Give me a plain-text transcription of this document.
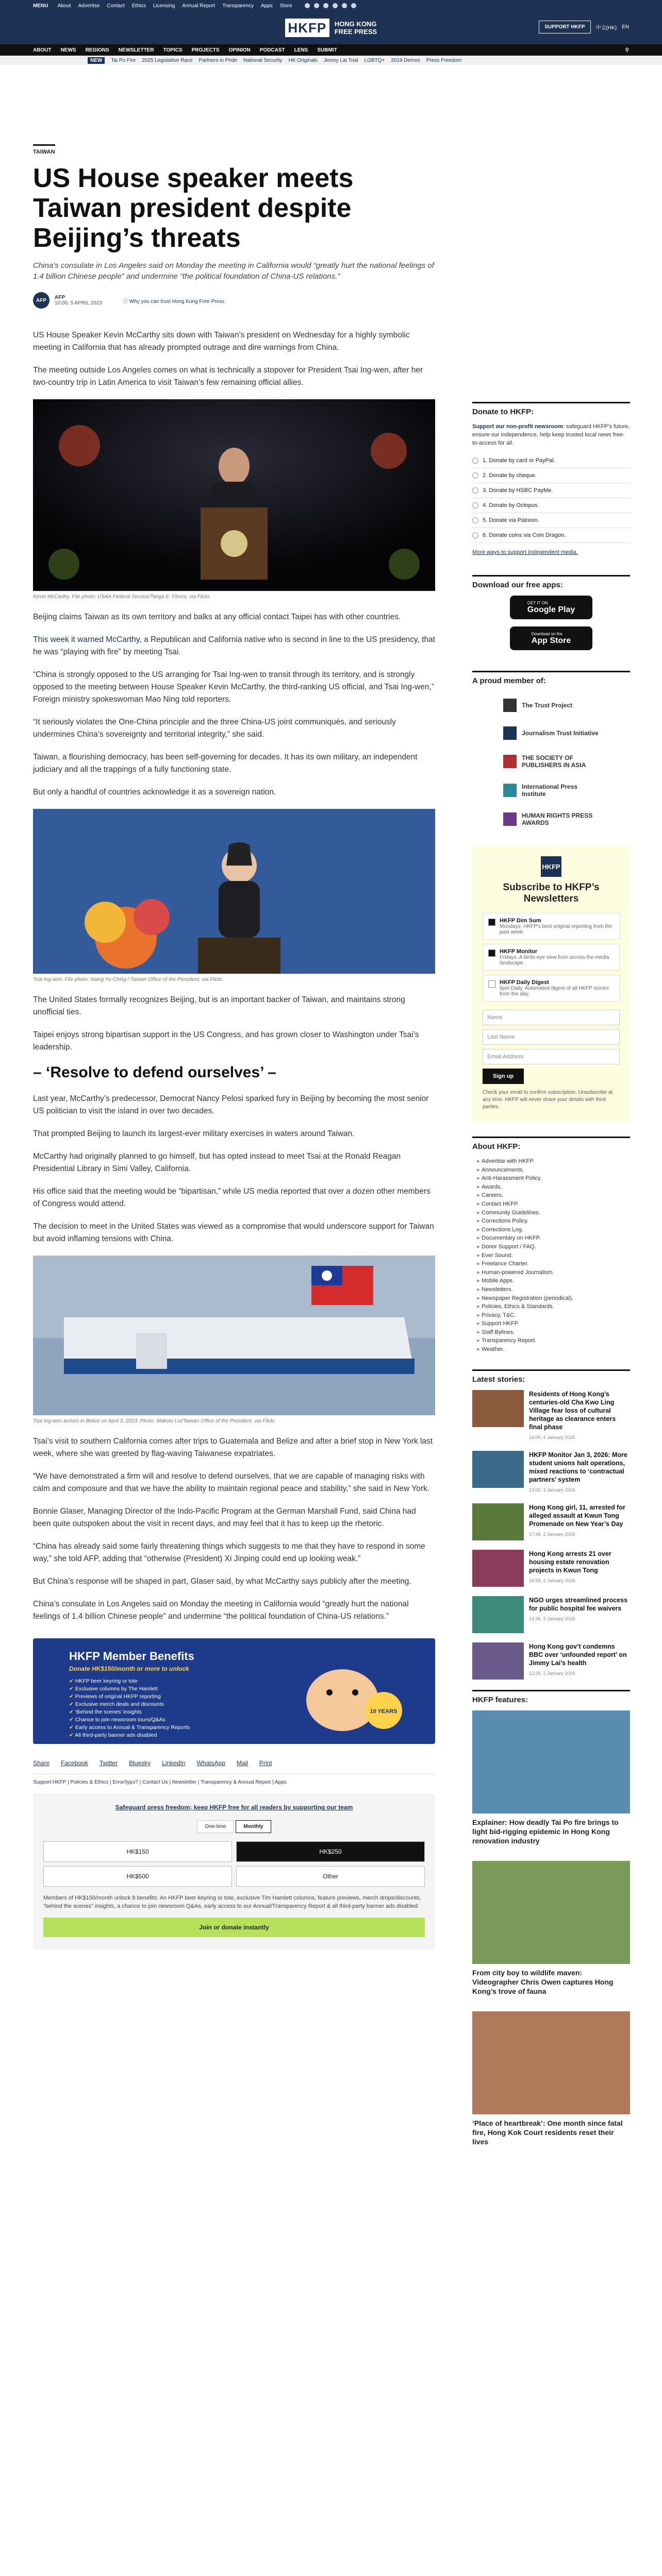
MENU About Advertise Contact Ethics Licensing Annual Report Transparency Apps Store
HKFP	HONG KONG
FREE PRESS
SUPPORT HKFP	中文(HK) EN
ABOUT NEWS REGIONS NEWSLETTER TOPICS PROJECTS OPINION PODCAST LENS SUBMIT	⚲
NEW	Tai Po Fire 2025 Legislative Race Partners in Pride National Security HK Originals Jimmy Lai Trial LGBTQ+ 2019 Demos Press Freedom
TAIWAN
US House speaker meets Taiwan president despite Beijing’s threats
China’s consulate in Los Angeles said on Monday the meeting in California would “greatly hurt the national feelings of 1.4 billion Chinese people” and undermine “the political foundation of China-US relations.”
AFP	AFP
10:00, 5 APRIL 2023	ⓘ Why you can trust Hong Kong Free Press

US House Speaker Kevin McCarthy sits down with Taiwan’s president on Wednesday for a highly symbolic meeting in California that has already prompted outrage and dire warnings from China.

The meeting outside Los Angeles comes on what is technically a stopover for President Tsai Ing-wen, after her two-country trip in Latin America to visit Taiwan’s few remaining official allies.

Kevin McCarthy. File photo: USAA Federal Service/Tanga E. Flores, via Flickr.

Beijing claims Taiwan as its own territory and balks at any official contact Taipei has with other countries.

This week it warned McCarthy, a Republican and California native who is second in line to the US presidency, that he was “playing with fire” by meeting Tsai.

“China is strongly opposed to the US arranging for Tsai Ing-wen to transit through its territory, and is strongly opposed to the meeting between House Speaker Kevin McCarthy, the third-ranking US official, and Tsai Ing-wen,” Foreign ministry spokeswoman Mao Ning told reporters.

“It seriously violates the One-China principle and the three China-US joint communiqués, and seriously undermines China’s sovereignty and territorial integrity,” she said.

Taiwan, a flourishing democracy, has been self-governing for decades. It has its own military, an independent judiciary and all the trappings of a fully functioning state.

But only a handful of countries acknowledge it as a sovereign nation.

Tsai Ing-wen. File photo: Wang Yu Ching / Taiwan Office of the President, via Flickr.

The United States formally recognizes Beijing, but is an important backer of Taiwan, and maintains strong unofficial ties.

Taipei enjoys strong bipartisan support in the US Congress, and has grown closer to Washington under Tsai’s leadership.

– ‘Resolve to defend ourselves’ –

Last year, McCarthy’s predecessor, Democrat Nancy Pelosi sparked fury in Beijing by becoming the most senior US politician to visit the island in over two decades.

That prompted Beijing to launch its largest-ever military exercises in waters around Taiwan.

McCarthy had originally planned to go himself, but has opted instead to meet Tsai at the Ronald Reagan Presidential Library in Simi Valley, California.

His office said that the meeting would be “bipartisan,” while US media reported that over a dozen other members of Congress would attend.

The decision to meet in the United States was viewed as a compromise that would underscore support for Taiwan but avoid inflaming tensions with China.

Tsai Ing-wen arrives in Belize on April 3, 2023. Photo: Makoto Lin/Taiwan Office of the President, via Flickr.

Tsai’s visit to southern California comes after trips to Guatemala and Belize and after a brief stop in New York last week, where she was greeted by flag-waving Taiwanese expatriates.

“We have demonstrated a firm will and resolve to defend ourselves, that we are capable of managing risks with calm and composure and that we have the ability to maintain regional peace and stability,” she said in New York.

Bonnie Glaser, Managing Director of the Indo-Pacific Program at the German Marshall Fund, said China had been quite outspoken about the visit in recent days, and may feel that it has to keep up the rhetoric.

“China has already said some fairly threatening things which suggests to me that they have to respond in some way,” she told AFP, adding that “otherwise (President) Xi Jinping could end up looking weak.”

But China’s response will be shaped in part, Glaser said, by what McCarthy says publicly after the meeting.

China’s consulate in Los Angeles said on Monday the meeting in California would “greatly hurt the national feelings of 1.4 billion Chinese people” and undermine “the political foundation of China-US relations.”

HKFP Member Benefits
Donate HK$150/month or more to unlock
✔ HKFP beer keyring or tote
✔ Exclusive columns by The Hamlett
✔ Previews of original HKFP reporting
✔ Exclusive merch deals and discounts
✔ ‘Behind the scenes’ insights
✔ Chance to join newsroom tours/Q&As
✔ Early access to Annual & Transparency Reports
✔ All third-party banner ads disabled
10 YEARS
Share Facebook Twitter Bluesky LinkedIn WhatsApp Mail Print
Support HKFP | Policies & Ethics | Error/typo? | Contact Us | Newsletter | Transparency & Annual Report | Apps
Safeguard press freedom; keep HKFP free for all readers by supporting our team
One-time	Monthly
HK$150	HK$250
HK$500	Other
Members of HK$150/month unlock 8 benefits: An HKFP beer keyring or tote, exclusive Tim Hamlett columns, feature previews, merch drops/discounts, “behind the scenes” insights, a chance to join newsroom Q&As, early access to our Annual/Transparency Report & all third-party banner ads disabled.
Join or donate instantly
Donate to HKFP:
Support our non-profit newsroom: safeguard HKFP’s future, ensure our independence, help keep trusted local news free-to-access for all.
1. Donate by card or PayPal.
2. Donate by cheque.
3. Donate by HSBC PayMe.
4. Donate by Octopus.
5. Donate via Patreon.
6. Donate coins via Coin Dragon.
More ways to support independent media.
Download our free apps:
GET IT ON
Google Play
Download on the
App Store
A proud member of:
The Trust Project
Journalism Trust Initiative
THE SOCIETY OF PUBLISHERS IN ASIA
International Press Institute
HUMAN RIGHTS PRESS AWARDS
HKFP
Subscribe to HKFP’s Newsletters
HKFP Dim Sum
Mondays. HKFP’s best original reporting from the past week.
HKFP Monitor
Fridays. A birds-eye view from across the media landscape.
HKFP Daily Digest
6pm Daily. Automated digest of all HKFP stories from the day.
Name
Last Name
Email Address
Sign up
Check your email to confirm subscription. Unsubscribe at any time. HKFP will never share your details with third parties.
About HKFP:
• Advertise with HKFP.
• Announcements.
• Anti-Harassment Policy.
• Awards.
• Careers.
• Contact HKFP.
• Community Guidelines.
• Corrections Policy.
• Corrections Log.
• Documentary on HKFP.
• Donor Support / FAQ.
• Ever Sound.
• Freelance Charter.
• Human-powered Journalism.
• Mobile Apps.
• Newsletters.
• Newspaper Registration (periodical).
• Policies, Ethics & Standards.
• Privacy, T&C.
• Support HKFP.
• Staff Bylines.
• Transparency Report.
• Weather.
Latest stories:
Residents of Hong Kong’s centuries-old Cha Kwo Ling Village fear loss of cultural heritage as clearance enters final phase
16:00, 4 January 2026
HKFP Monitor Jan 3, 2026: More student unions halt operations, mixed reactions to ‘contractual partners’ system
13:00, 3 January 2026
Hong Kong girl, 11, arrested for alleged assault at Kwun Tong Promenade on New Year’s Day
17:48, 2 January 2026
Hong Kong arrests 21 over housing estate renovation projects in Kwun Tong
16:58, 2 January 2026
NGO urges streamlined process for public hospital fee waivers
14:36, 2 January 2026
Hong Kong gov’t condemns BBC over ‘unfounded report’ on Jimmy Lai’s health
12:26, 2 January 2026
HKFP features:
Explainer: How deadly Tai Po fire brings to light bid-rigging epidemic in Hong Kong renovation industry
From city boy to wildlife maven: Videographer Chris Owen captures Hong Kong’s trove of fauna
‘Place of heartbreak’: One month since fatal fire, Hong Kok Court residents reset their lives
